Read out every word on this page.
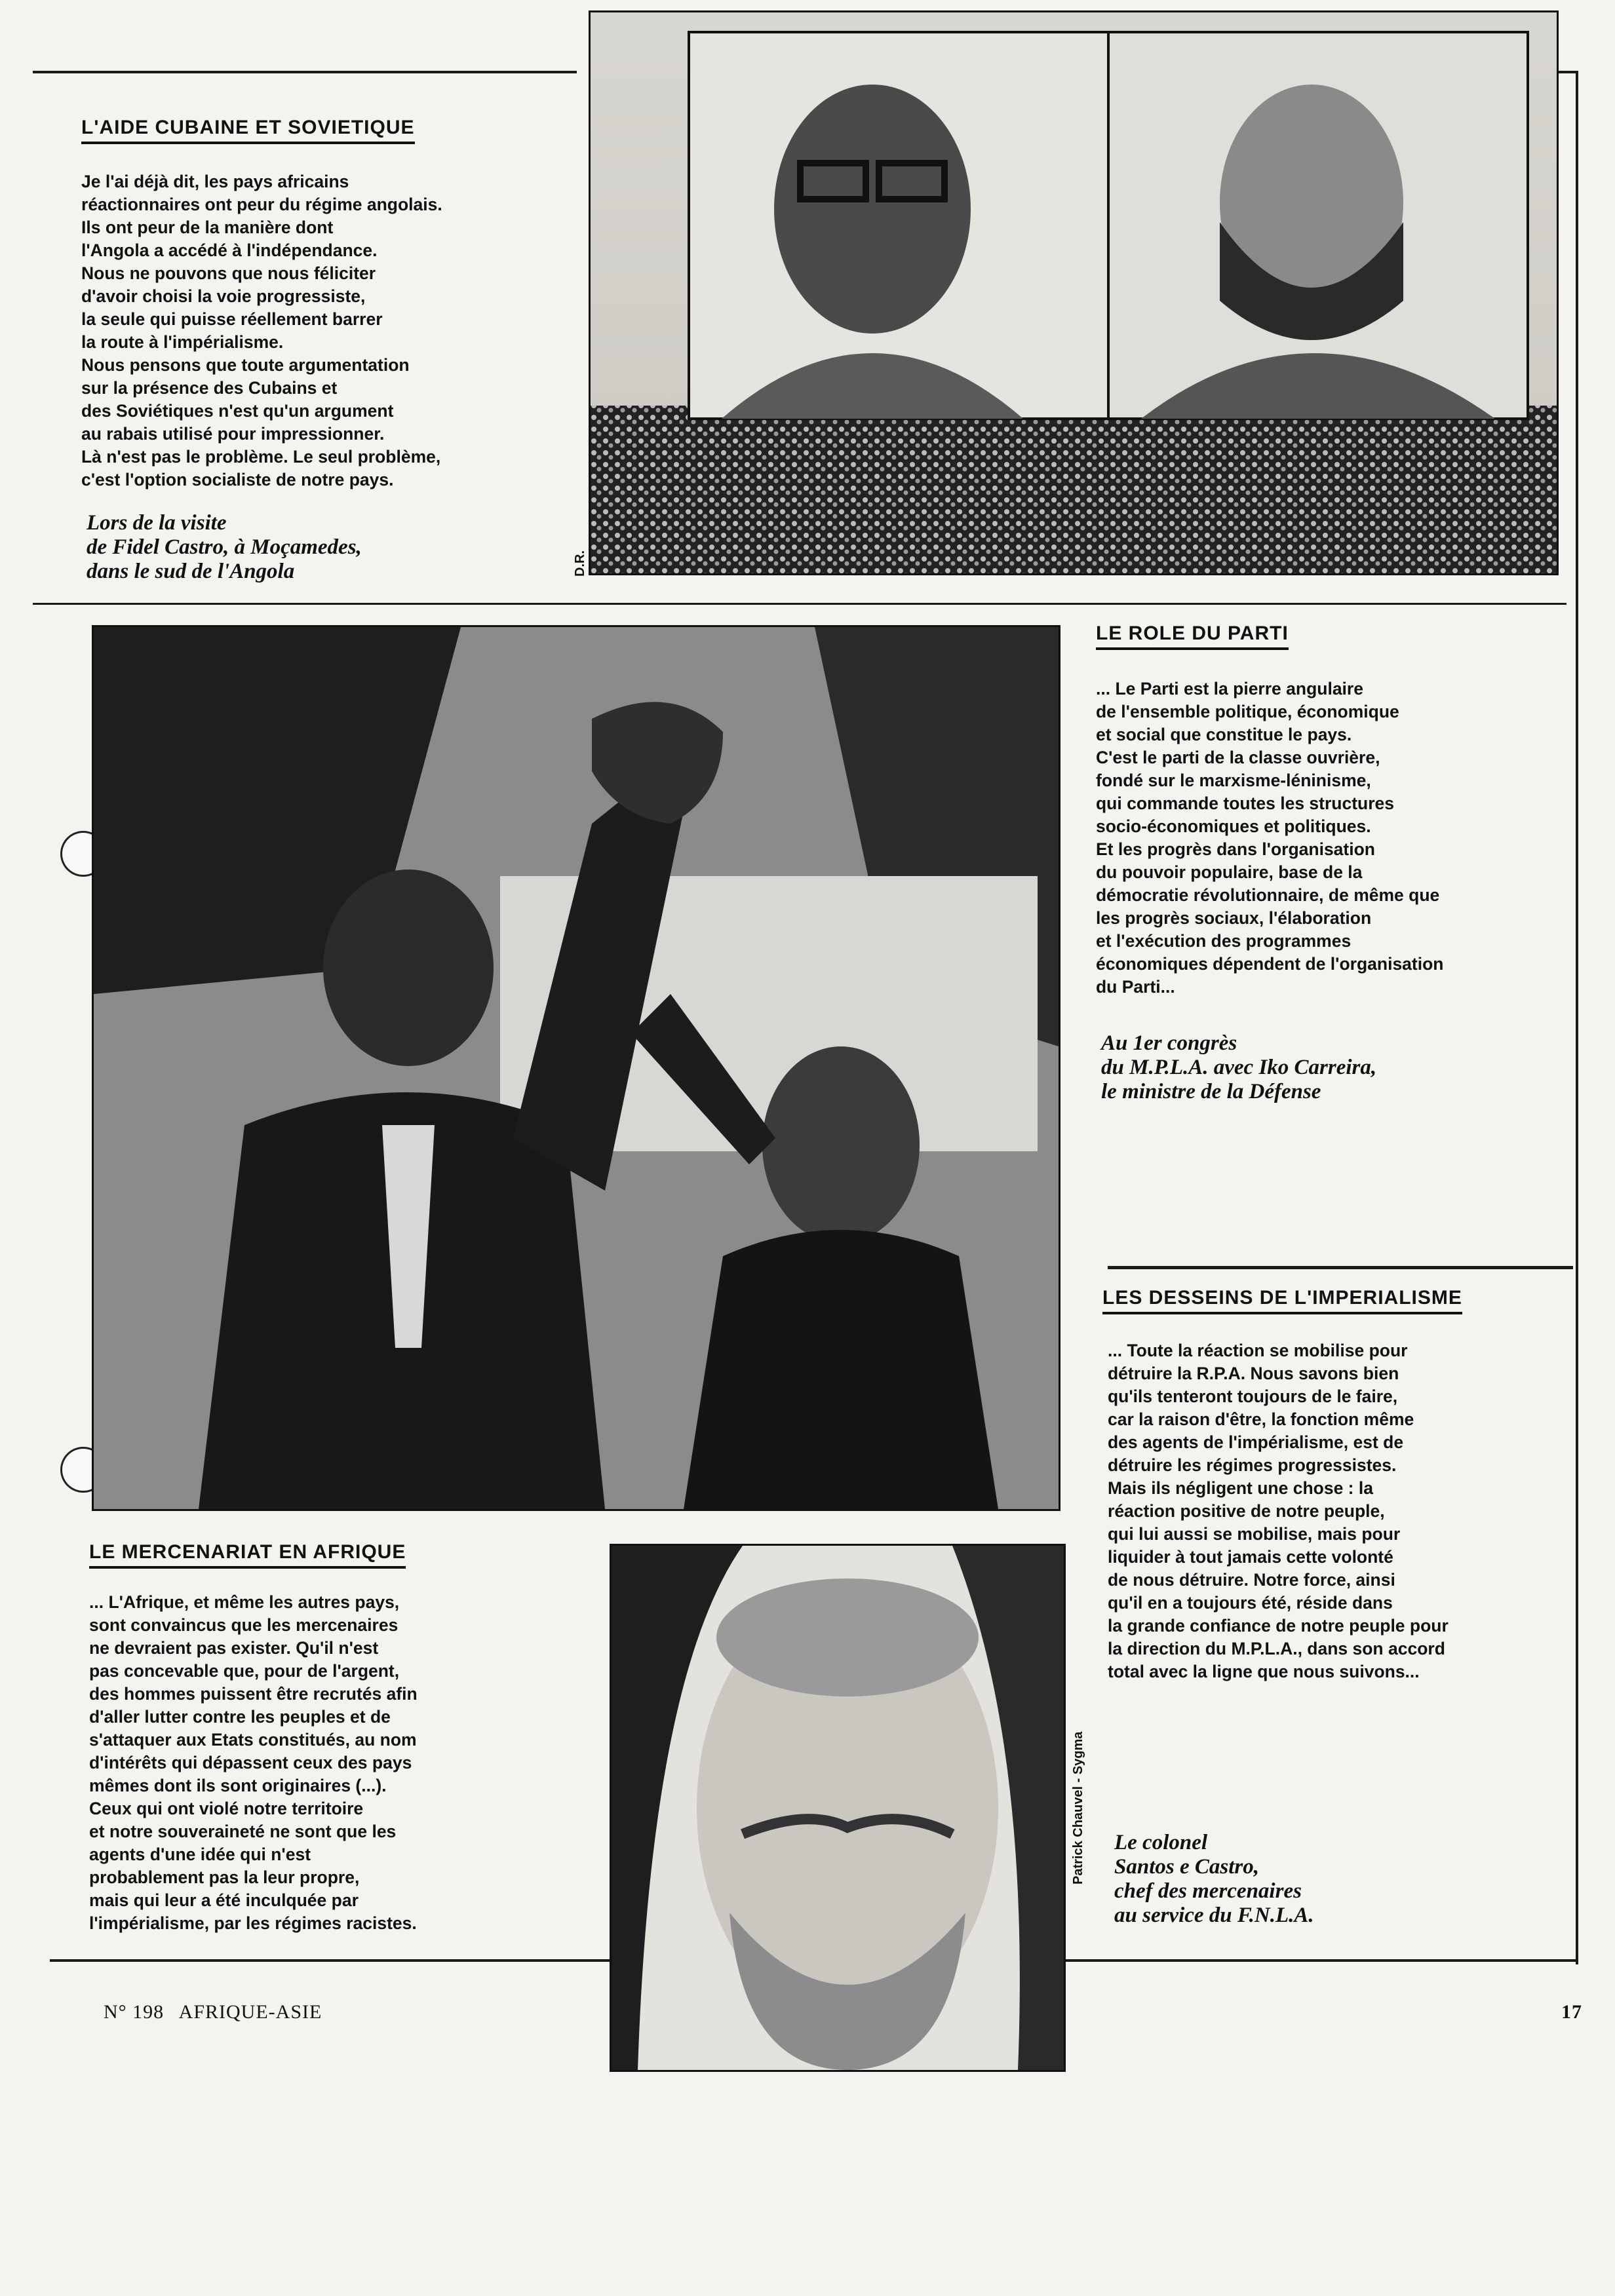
L'AIDE CUBAINE ET SOVIETIQUE
Je l'ai déjà dit, les pays africains
réactionnaires ont peur du régime angolais.
Ils ont peur de la manière dont
l'Angola a accédé à l'indépendance.
Nous ne pouvons que nous féliciter
d'avoir choisi la voie progressiste,
la seule qui puisse réellement barrer
la route à l'impérialisme.
Nous pensons que toute argumentation
sur la présence des Cubains et
des Soviétiques n'est qu'un argument
au rabais utilisé pour impressionner.
Là n'est pas le problème. Le seul problème,
c'est l'option socialiste de notre pays.
Lors de la visite
de Fidel Castro, à Moçamedes,
dans le sud de l'Angola	D.R.
LE ROLE DU PARTI
... Le Parti est la pierre angulaire
de l'ensemble politique, économique
et social que constitue le pays.
C'est le parti de la classe ouvrière,
fondé sur le marxisme-léninisme,
qui commande toutes les structures
socio-économiques et politiques.
Et les progrès dans l'organisation
du pouvoir populaire, base de la
démocratie révolutionnaire, de même que
les progrès sociaux, l'élaboration
et l'exécution des programmes
économiques dépendent de l'organisation
du Parti...
Au 1er congrès
du M.P.L.A. avec Iko Carreira,
le ministre de la Défense
LES DESSEINS DE L'IMPERIALISME
... Toute la réaction se mobilise pour
détruire la R.P.A. Nous savons bien
qu'ils tenteront toujours de le faire,
car la raison d'être, la fonction même
des agents de l'impérialisme, est de
détruire les régimes progressistes.
Mais ils négligent une chose : la
réaction positive de notre peuple,
qui lui aussi se mobilise, mais pour
liquider à tout jamais cette volonté
de nous détruire. Notre force, ainsi
qu'il en a toujours été, réside dans
la grande confiance de notre peuple pour
la direction du M.P.L.A., dans son accord
total avec la ligne que nous suivons...
Le colonel
Santos e Castro,
chef des mercenaires
au service du F.N.L.A.
Patrick Chauvel - Sygma
LE MERCENARIAT EN AFRIQUE
... L'Afrique, et même les autres pays,
sont convaincus que les mercenaires
ne devraient pas exister. Qu'il n'est
pas concevable que, pour de l'argent,
des hommes puissent être recrutés afin
d'aller lutter contre les peuples et de
s'attaquer aux Etats constitués, au nom
d'intérêts qui dépassent ceux des pays
mêmes dont ils sont originaires (...).
Ceux qui ont violé notre territoire
et notre souveraineté ne sont que les
agents d'une idée qui n'est
probablement pas la leur propre,
mais qui leur a été inculquée par
l'impérialisme, par les régimes racistes.
N° 198 AFRIQUE-ASIE	17
